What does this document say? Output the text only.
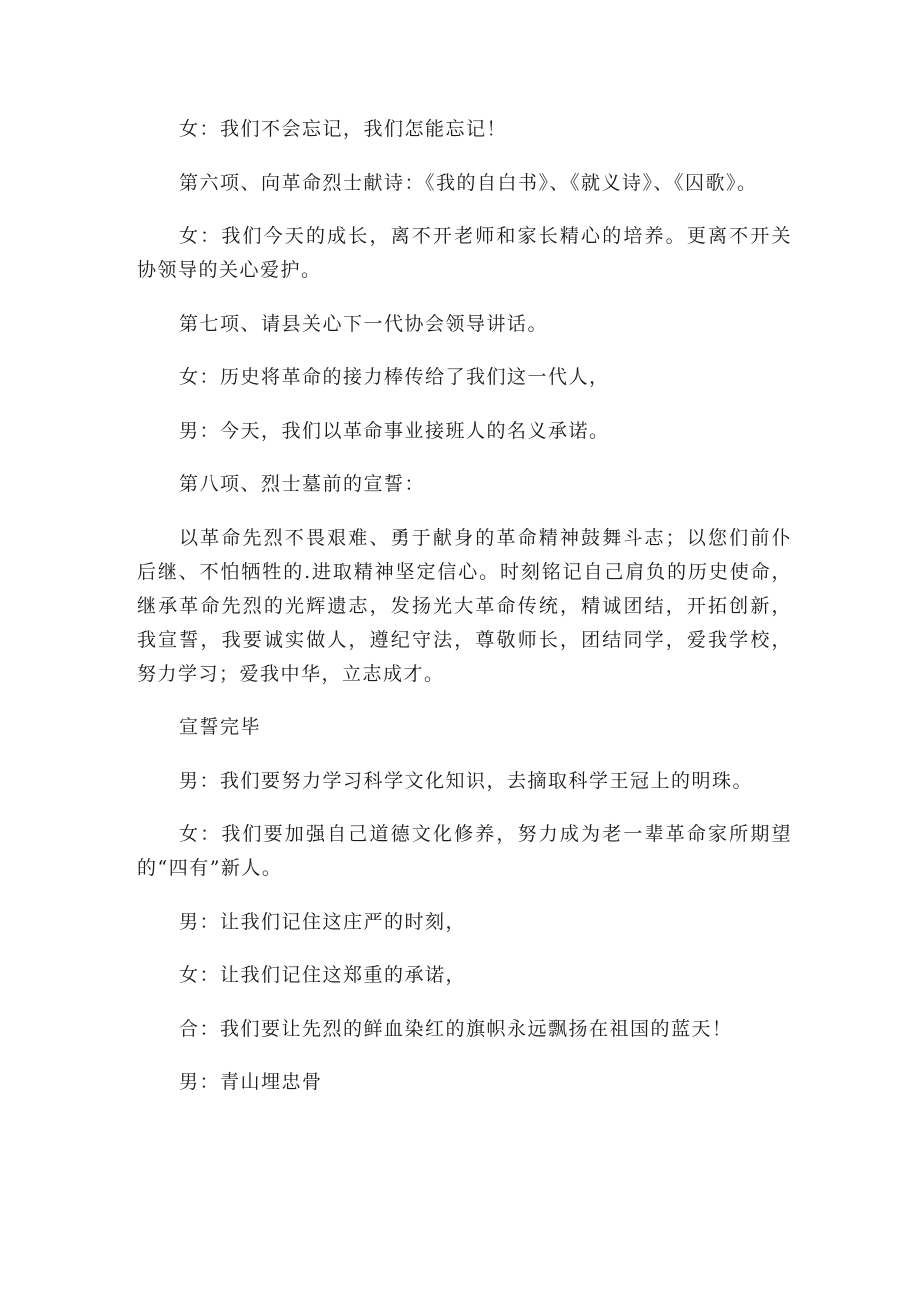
女：我们不会忘记，我们怎能忘记！

第六项、向革命烈士献诗：《我的自白书》、《就义诗》、《囚歌》。

女：我们今天的成长，离不开老师和家长精心的培养。更离不开关协领导的关心爱护。

第七项、请县关心下一代协会领导讲话。

女：历史将革命的接力棒传给了我们这一代人，

男：今天，我们以革命事业接班人的名义承诺。

第八项、烈士墓前的宣誓：

以革命先烈不畏艰难、勇于献身的革命精神鼓舞斗志；以您们前仆后继、不怕牺牲的.进取精神坚定信心。时刻铭记自己肩负的历史使命，继承革命先烈的光辉遗志，发扬光大革命传统，精诚团结，开拓创新，我宣誓，我要诚实做人，遵纪守法，尊敬师长，团结同学，爱我学校，努力学习；爱我中华，立志成才。

宣誓完毕

男：我们要努力学习科学文化知识，去摘取科学王冠上的明珠。

女：我们要加强自己道德文化修养，努力成为老一辈革命家所期望的“四有”新人。

男：让我们记住这庄严的时刻，

女：让我们记住这郑重的承诺，

合：我们要让先烈的鲜血染红的旗帜永远飘扬在祖国的蓝天！

男：青山埋忠骨
